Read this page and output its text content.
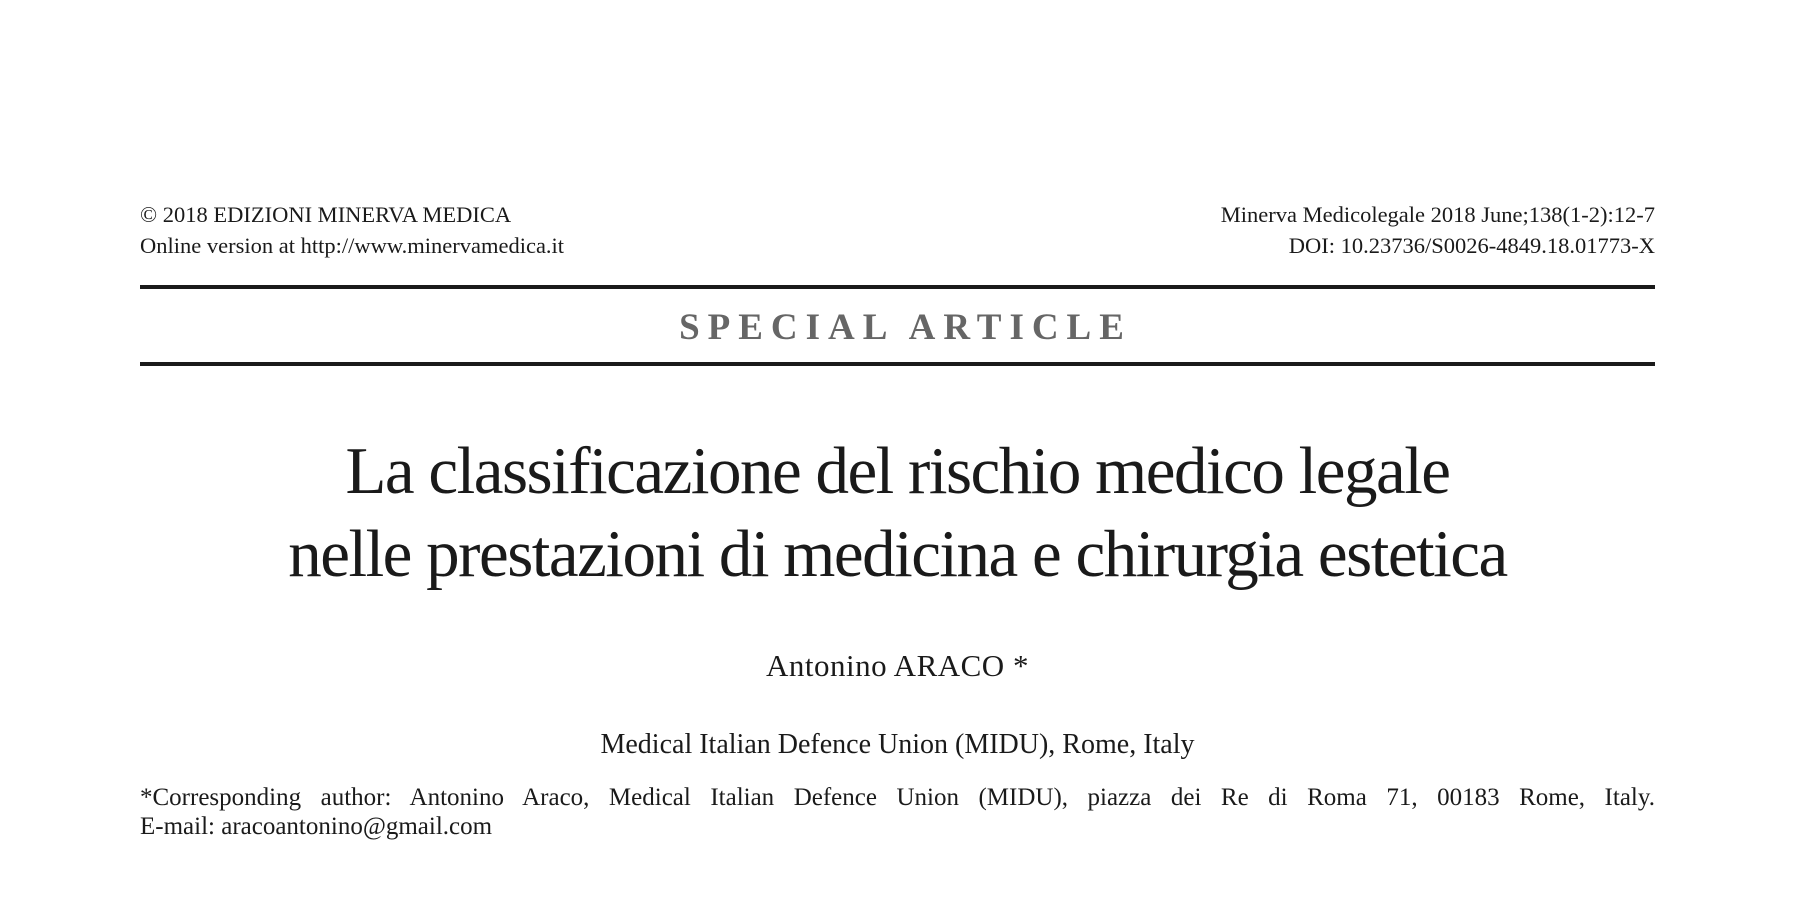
© 2018 EDIZIONI MINERVA MEDICA
Online version at http://www.minervamedica.it
Minerva Medicolegale 2018 June;138(1-2):12-7
DOI: 10.23736/S0026-4849.18.01773-X
SPECIAL ARTICLE
La classificazione del rischio medico legale
nelle prestazioni di medicina e chirurgia estetica
Antonino ARACO *
Medical Italian Defence Union (MIDU), Rome, Italy
*Corresponding author: Antonino Araco, Medical Italian Defence Union (MIDU), piazza dei Re di Roma 71, 00183 Rome, Italy.
E-mail: aracoantonino@gmail.com
